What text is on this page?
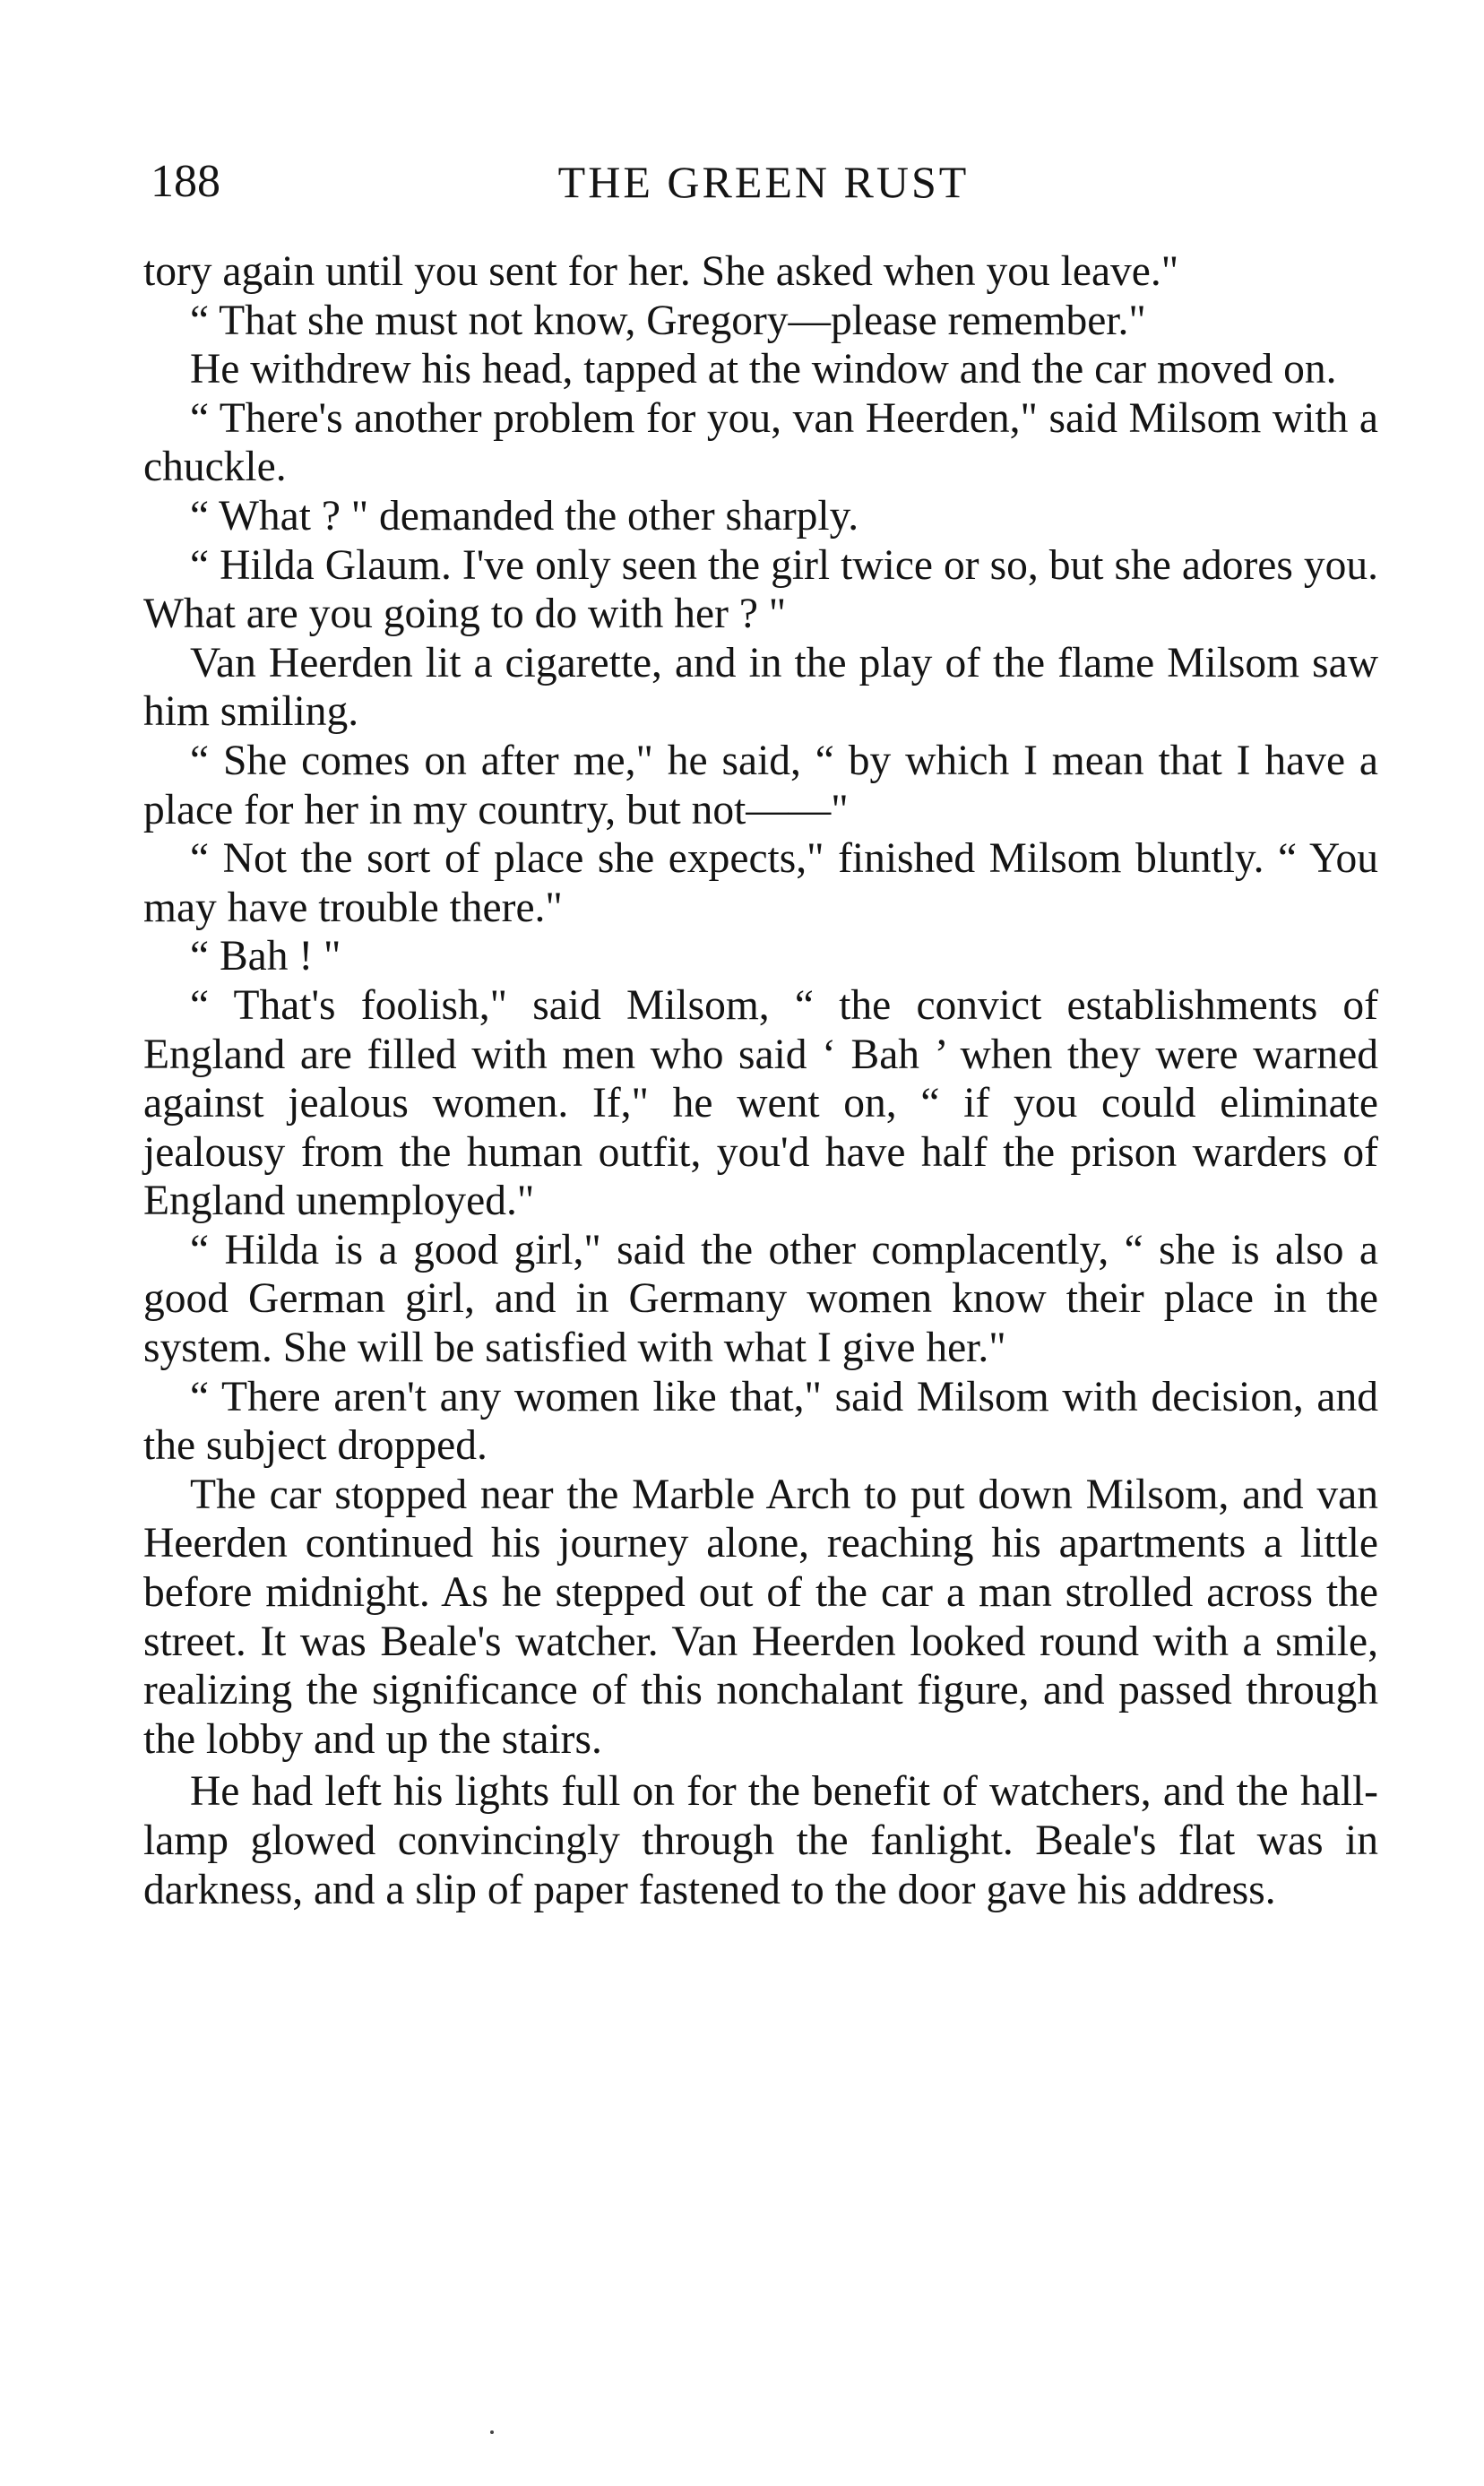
188	THE GREEN RUST

tory again until you sent for her. She asked when you leave."

“ That she must not know, Gregory—please remember."

He withdrew his head, tapped at the window and the car moved on.

“ There's another problem for you, van Heerden," said Milsom with a chuckle.

“ What ? " demanded the other sharply.

“ Hilda Glaum. I've only seen the girl twice or so, but she adores you. What are you going to do with her ? "

Van Heerden lit a cigarette, and in the play of the flame Milsom saw him smiling.

“ She comes on after me," he said, “ by which I mean that I have a place for her in my country, but not——"

“ Not the sort of place she expects," finished Milsom bluntly. “ You may have trouble there."

“ Bah ! "

“ That's foolish," said Milsom, “ the convict establishments of England are filled with men who said ‘ Bah ’ when they were warned against jealous women. If," he went on, “ if you could eliminate jealousy from the human outfit, you'd have half the prison warders of England unemployed."

“ Hilda is a good girl," said the other complacently, “ she is also a good German girl, and in Germany women know their place in the system. She will be satisfied with what I give her."

“ There aren't any women like that," said Milsom with decision, and the subject dropped.

The car stopped near the Marble Arch to put down Milsom, and van Heerden continued his journey alone, reaching his apartments a little before midnight. As he stepped out of the car a man strolled across the street. It was Beale's watcher. Van Heerden looked round with a smile, realizing the significance of this nonchalant figure, and passed through the lobby and up the stairs.

He had left his lights full on for the benefit of watchers, and the hall-lamp glowed convincingly through the fanlight. Beale's flat was in darkness, and a slip of paper fastened to the door gave his address.
